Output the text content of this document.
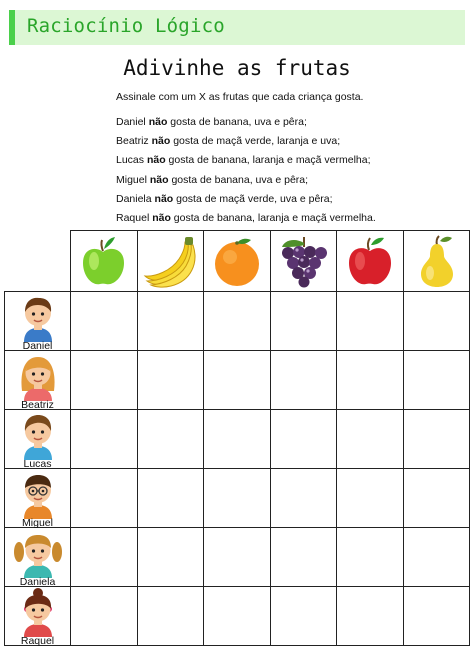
Raciocínio Lógico
Adivinhe as frutas
Assinale com um X as frutas que cada criança gosta.
Daniel não gosta de banana, uva e pêra;
Beatriz não gosta de maçã verde, laranja e uva;
Lucas não gosta de banana, laranja e maçã vermelha;
Miguel não gosta de banana, uva e pêra;
Daniela não gosta de maçã verde, uva e pêra;
Raquel não gosta de banana, laranja e maçã vermelha.

Daniel						

Beatriz						

Lucas						

Miguel						

Daniela						

Raquel						
